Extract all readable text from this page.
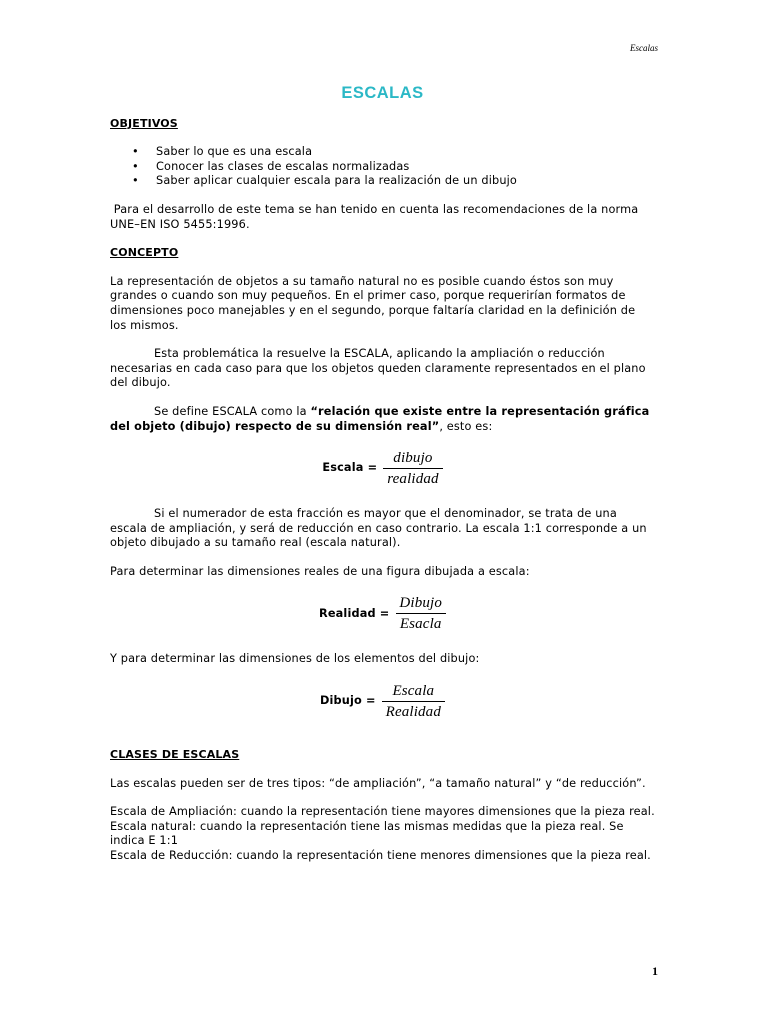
Escalas
ESCALAS
OBJETIVOS
• Saber lo que es una escala
• Conocer las clases de escalas normalizadas
• Saber aplicar cualquier escala para la realización de un dibujo

Para el desarrollo de este tema se han tenido en cuenta las recomendaciones de la norma UNE–EN ISO 5455:1996.

CONCEPTO

La representación de objetos a su tamaño natural no es posible cuando éstos son muy grandes o cuando son muy pequeños. En el primer caso, porque requerirían formatos de dimensiones poco manejables y en el segundo, porque faltaría claridad en la definición de los mismos.

Esta problemática la resuelve la ESCALA, aplicando la ampliación o reducción necesarias en cada caso para que los objetos queden claramente representados en el plano del dibujo.

Se define ESCALA como la “relación que existe entre la representación gráfica del objeto (dibujo) respecto de su dimensión real”, esto es:

Escala = $\frac{\text{dibujo}}{\text{realidad}}$

Si el numerador de esta fracción es mayor que el denominador, se trata de una escala de ampliación, y será de reducción en caso contrario. La escala 1:1 corresponde a un objeto dibujado a su tamaño real (escala natural).

Para determinar las dimensiones reales de una figura dibujada a escala:

Realidad = $\frac{\text{Dibujo}}{\text{Esacla}}$

Y para determinar las dimensiones de los elementos del dibujo:

Dibujo = $\frac{\text{Escala}}{\text{Realidad}}$
CLASES DE ESCALAS

Las escalas pueden ser de tres tipos: “de ampliación”, “a tamaño natural” y “de reducción”.

Escala de Ampliación: cuando la representación tiene mayores dimensiones que la pieza real.

Escala natural: cuando la representación tiene las mismas medidas que la pieza real. Se indica E 1:1

Escala de Reducción: cuando la representación tiene menores dimensiones que la pieza real.

1
